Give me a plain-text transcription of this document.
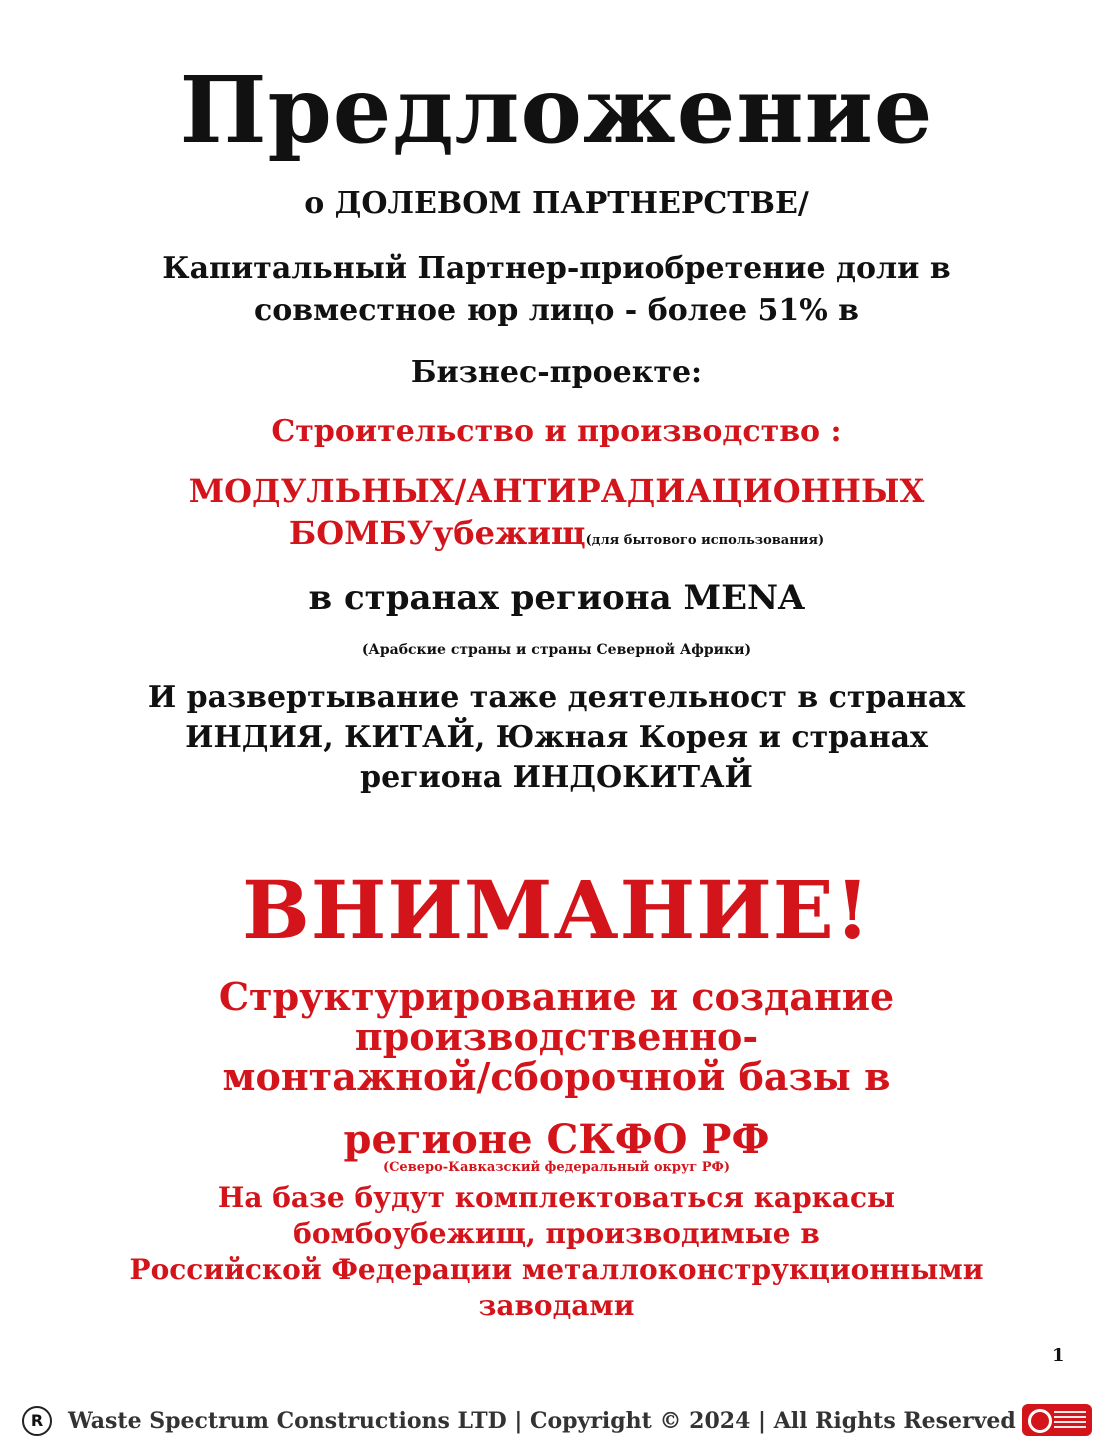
Предложение

о ДОЛЕВОМ ПАРТНЕРСТВЕ/

Капитальный Партнер-приобретение доли в
совместное юр лицо - более 51% в

Бизнес-проекте:

Строительство и производство :

МОДУЛЬНЫХ/АНТИРАДИАЦИОННЫХ
БОМБУубежищ(для бытового использования)

в странах региона MENA

(Арабские страны и страны Северной Африки)

И развертывание таже деятельност в странах
ИНДИЯ, КИТАЙ, Южная Корея и странах
региона ИНДОКИТАЙ

ВНИМАНИЕ!

Структурирование и создание
производственно-
монтажной/сборочной базы в

регионе СКФО РФ

(Северо-Кавказский федеральный округ РФ)

На базе будут комплектоваться каркасы
бомбоубежищ, производимые в
Российской Федерации металлоконструкционными
заводами
1
R	Waste Spectrum Constructions LTD | Copyright © 2024 | All Rights Reserved
